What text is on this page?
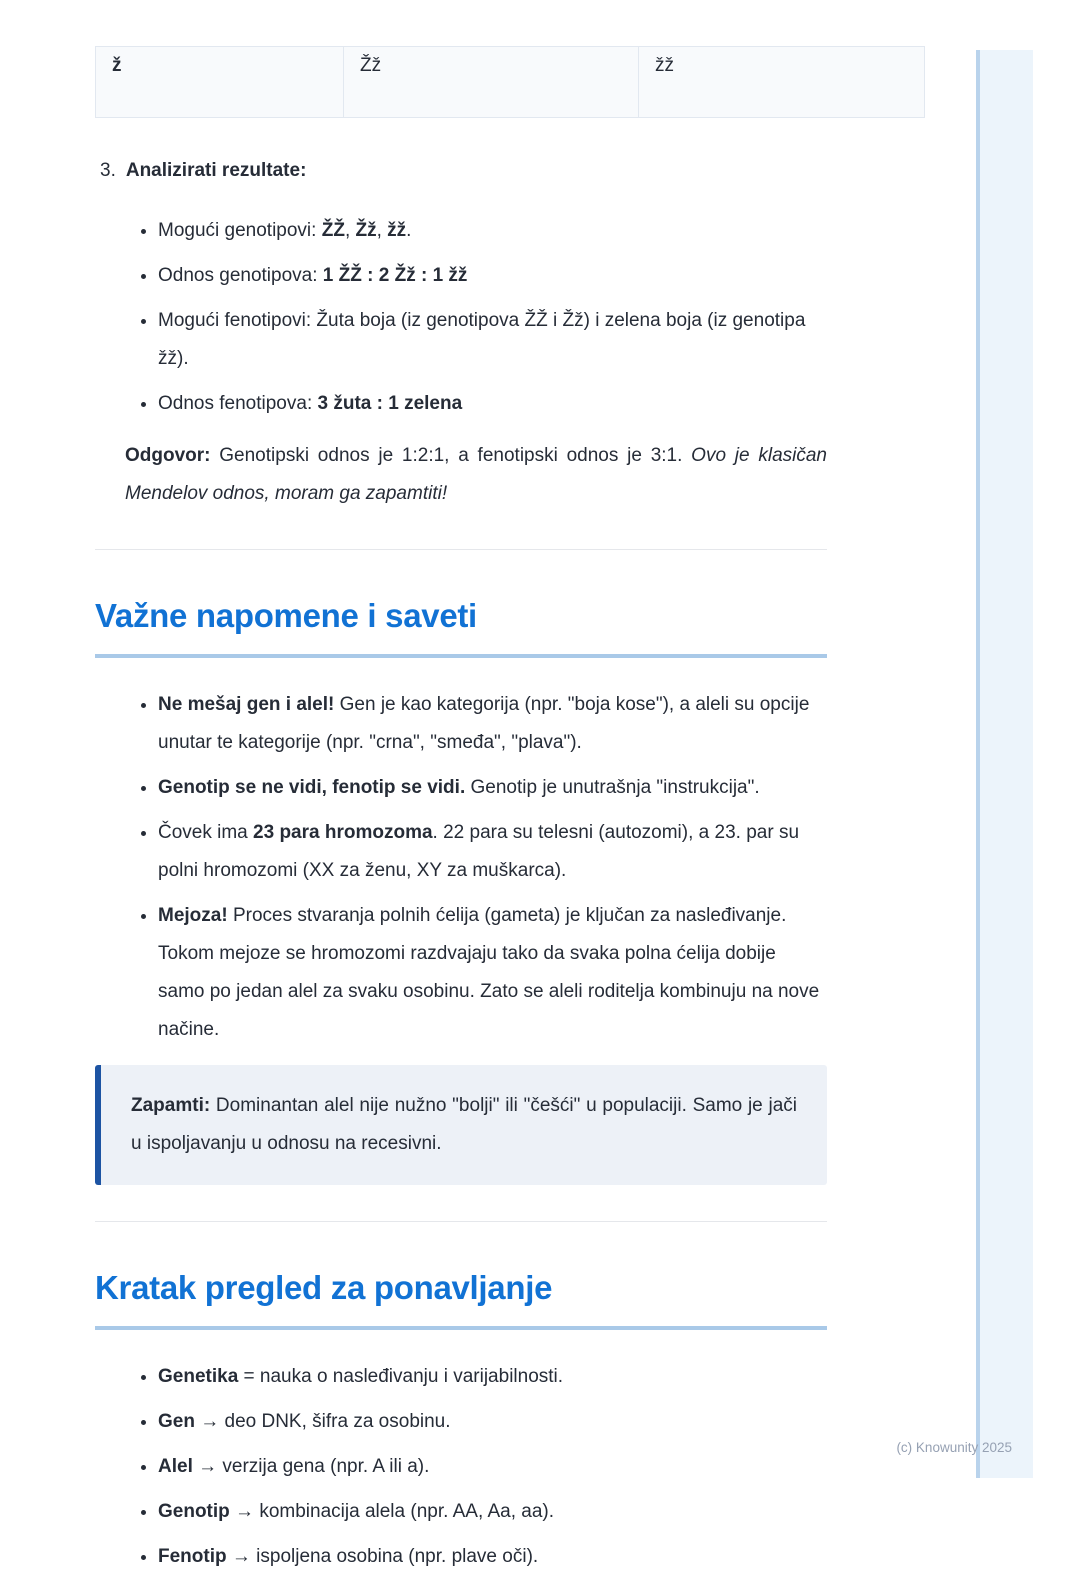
ž	Žž	žž
3. Analizirati rezultate:
• Mogući genotipovi: ŽŽ, Žž, žž.
• Odnos genotipova: 1 ŽŽ : 2 Žž : 1 žž
• Mogući fenotipovi: Žuta boja (iz genotipova ŽŽ i Žž) i zelena boja (iz genotipa žž).
• Odnos fenotipova: 3 žuta : 1 zelena

Odgovor: Genotipski odnos je 1:2:1, a fenotipski odnos je 3:1. Ovo je klasičan Mendelov odnos, moram ga zapamtiti!

Važne napomene i saveti
• Ne mešaj gen i alel! Gen je kao kategorija (npr. "boja kose"), a aleli su opcije unutar te kategorije (npr. "crna", "smeđa", "plava").
• Genotip se ne vidi, fenotip se vidi. Genotip je unutrašnja "instrukcija".
• Čovek ima 23 para hromozoma. 22 para su telesni (autozomi), a 23. par su polni hromozomi (XX za ženu, XY za muškarca).
• Mejoza! Proces stvaranja polnih ćelija (gameta) je ključan za nasleđivanje. Tokom mejoze se hromozomi razdvajaju tako da svaka polna ćelija dobije samo po jedan alel za svaku osobinu. Zato se aleli roditelja kombinuju na nove načine.
Zapamti: Dominantan alel nije nužno "bolji" ili "češći" u populaciji. Samo je jači u ispoljavanju u odnosu na recesivni.
Kratak pregled za ponavljanje
• Genetika = nauka o nasleđivanju i varijabilnosti.
• Gen → deo DNK, šifra za osobinu.
• Alel → verzija gena (npr. A ili a).
• Genotip → kombinacija alela (npr. AA, Aa, aa).
• Fenotip → ispoljena osobina (npr. plave oči).
(c) Knowunity 2025
